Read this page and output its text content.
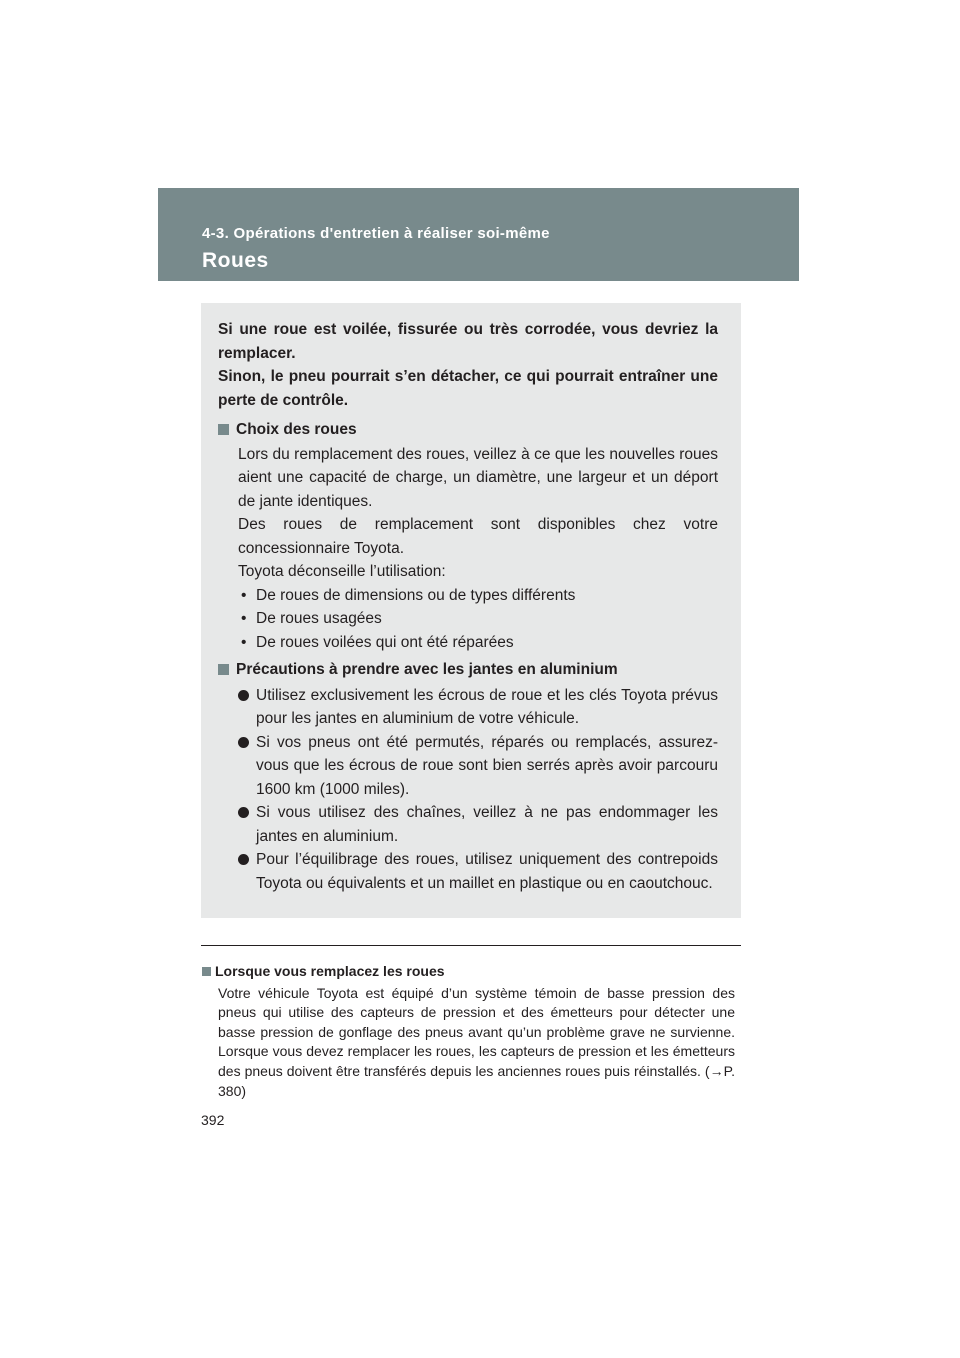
4-3. Opérations d'entretien à réaliser soi-même
Roues

Si une roue est voilée, fissurée ou très corrodée, vous devriez la remplacer.

Sinon, le pneu pourrait s’en détacher, ce qui pourrait entraîner une perte de contrôle.

Choix des roues

Lors du remplacement des roues, veillez à ce que les nouvelles roues aient une capacité de charge, un diamètre, une largeur et un déport de jante identiques.

Des roues de remplacement sont disponibles chez votre concessionnaire Toyota.

Toyota déconseille l’utilisation:

• De roues de dimensions ou de types différents
• De roues usagées
• De roues voilées qui ont été réparées
Précautions à prendre avec les jantes en aluminium
Utilisez exclusivement les écrous de roue et les clés Toyota prévus pour les jantes en aluminium de votre véhicule.
Si vos pneus ont été permutés, réparés ou remplacés, assurez-vous que les écrous de roue sont bien serrés après avoir parcouru 1600 km (1000 miles).
Si vous utilisez des chaînes, veillez à ne pas endommager les jantes en aluminium.
Pour l’équilibrage des roues, utilisez uniquement des contrepoids Toyota ou équivalents et un maillet en plastique ou en caoutchouc.
Lorsque vous remplacez les roues

Votre véhicule Toyota est équipé d’un système témoin de basse pression des pneus qui utilise des capteurs de pression et des émetteurs pour détecter une basse pression de gonflage des pneus avant qu’un problème grave ne survienne. Lorsque vous devez remplacer les roues, les capteurs de pression et les émetteurs des pneus doivent être transférés depuis les anciennes roues puis réinstallés. (→P. 380)

392
